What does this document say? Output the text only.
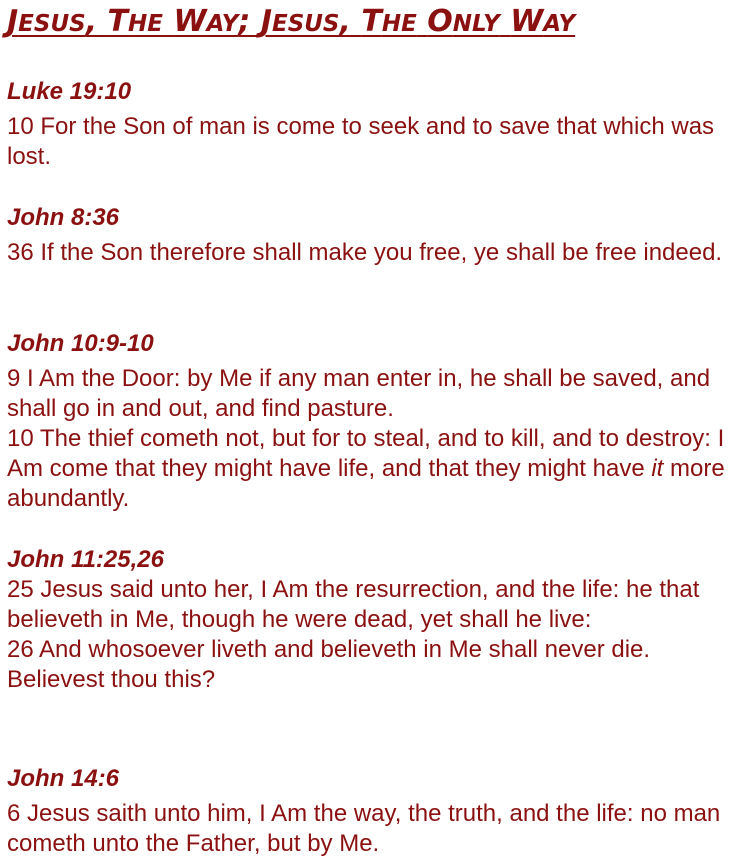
JESUS, THE WAY; JESUS, THE ONLY WAY

Luke 19:10

10 For the Son of man is come to seek and to save that which was lost.

John 8:36

36 If the Son therefore shall make you free, ye shall be free indeed.

John 10:9-10

9 I Am the Door: by Me if any man enter in, he shall be saved, and shall go in and out, and find pasture.

10 The thief cometh not, but for to steal, and to kill, and to destroy: I Am come that they might have life, and that they might have it more abundantly.

John 11:25,26

25 Jesus said unto her, I Am the resurrection, and the life: he that believeth in Me, though he were dead, yet shall he live:

26 And whosoever liveth and believeth in Me shall never die. Believest thou this?

John 14:6

6 Jesus saith unto him, I Am the way, the truth, and the life: no man cometh unto the Father, but by Me.
